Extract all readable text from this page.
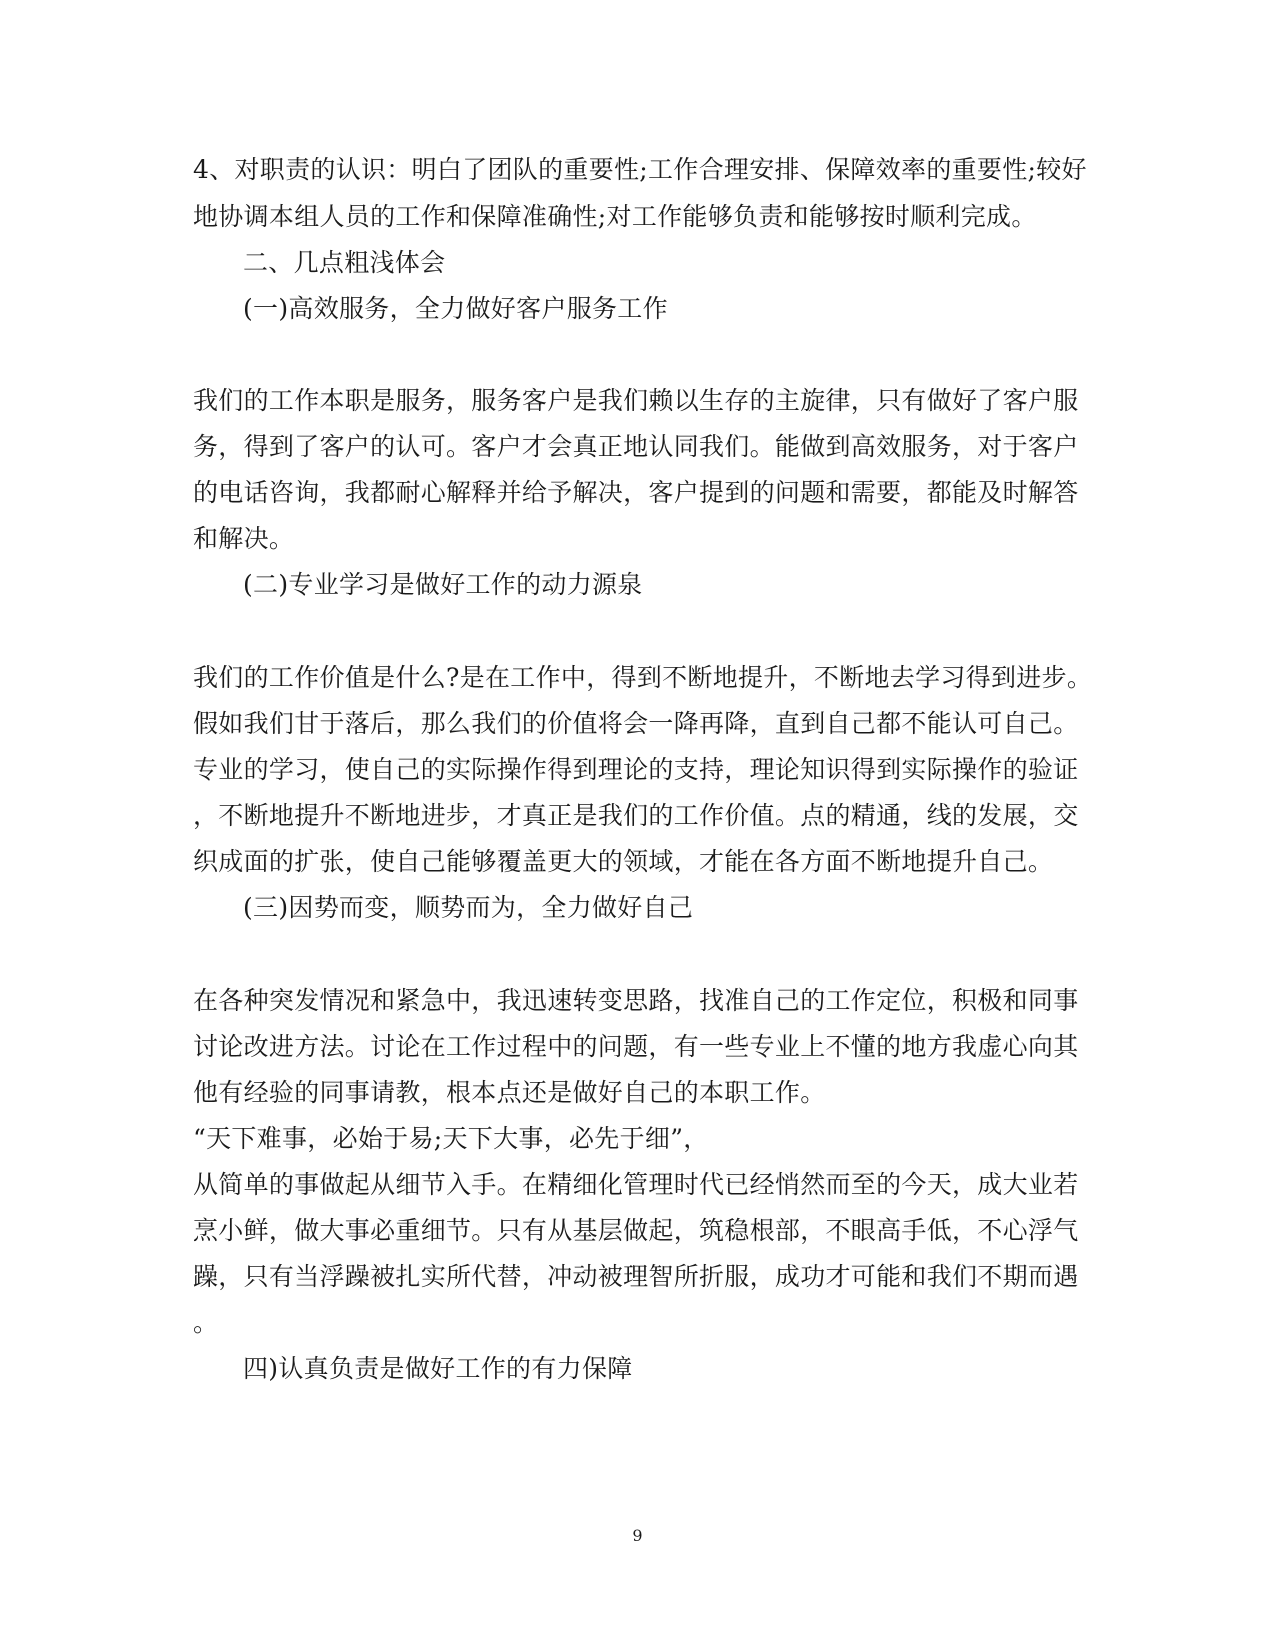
4、对职责的认识：明白了团队的重要性;工作合理安排、保障效率的重要性;较好
地协调本组人员的工作和保障准确性;对工作能够负责和能够按时顺利完成。
二、几点粗浅体会
(一)高效服务，全力做好客户服务工作
我们的工作本职是服务，服务客户是我们赖以生存的主旋律，只有做好了客户服
务，得到了客户的认可。客户才会真正地认同我们。能做到高效服务，对于客户
的电话咨询，我都耐心解释并给予解决，客户提到的问题和需要，都能及时解答
和解决。
(二)专业学习是做好工作的动力源泉
我们的工作价值是什么?是在工作中，得到不断地提升，不断地去学习得到进步。
假如我们甘于落后，那么我们的价值将会一降再降，直到自己都不能认可自己。
专业的学习，使自己的实际操作得到理论的支持，理论知识得到实际操作的验证
，不断地提升不断地进步，才真正是我们的工作价值。点的精通，线的发展，交
织成面的扩张，使自己能够覆盖更大的领域，才能在各方面不断地提升自己。
(三)因势而变，顺势而为，全力做好自己
在各种突发情况和紧急中，我迅速转变思路，找准自己的工作定位，积极和同事
讨论改进方法。讨论在工作过程中的问题，有一些专业上不懂的地方我虚心向其
他有经验的同事请教，根本点还是做好自己的本职工作。
“天下难事，必始于易;天下大事，必先于细”，
从简单的事做起从细节入手。在精细化管理时代已经悄然而至的今天，成大业若
烹小鲜，做大事必重细节。只有从基层做起，筑稳根部，不眼高手低，不心浮气
躁，只有当浮躁被扎实所代替，冲动被理智所折服，成功才可能和我们不期而遇
。
四)认真负责是做好工作的有力保障
9
